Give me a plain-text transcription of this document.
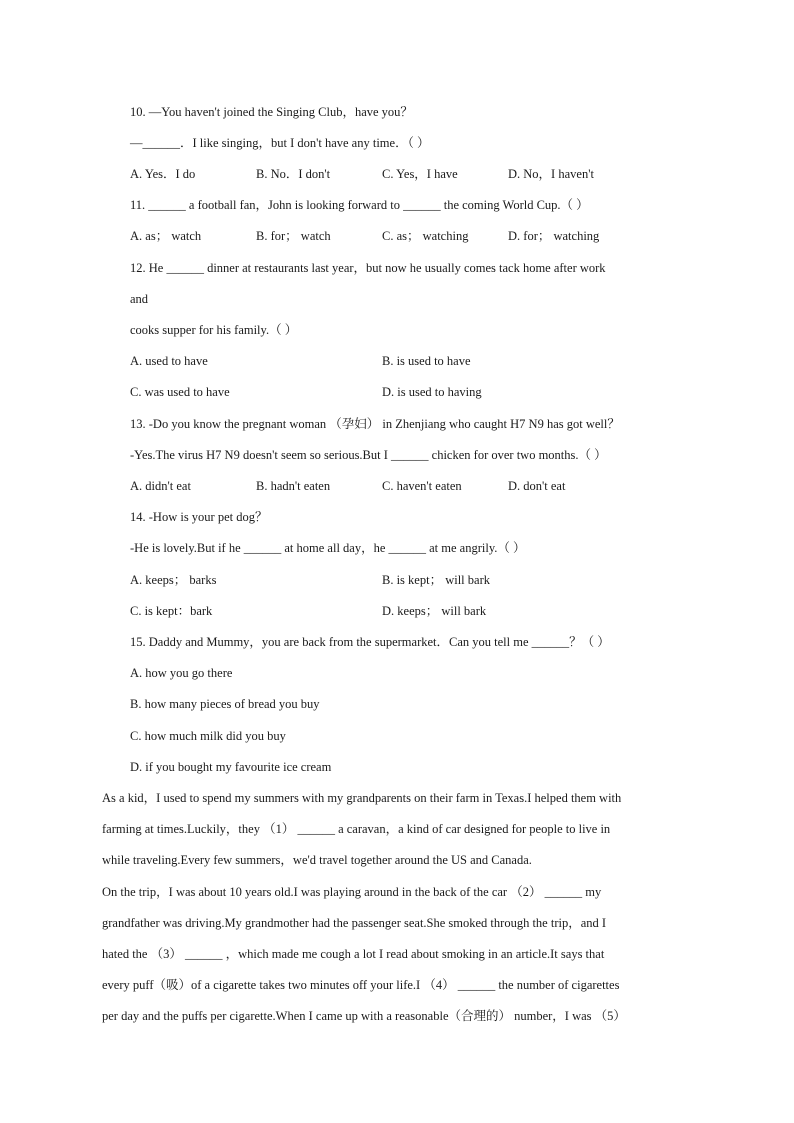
10. —You haven't joined the Singing Club，have you？
—______．I like singing，but I don't have any time．（ ）
A. Yes．I do	B. No．I don't	C. Yes，I have	D. No，I haven't
11. ______ a football fan，John is looking forward to ______ the coming World Cup.（ ）
A. as； watch	B. for； watch	C. as； watching	D. for； watching
12. He ______ dinner at restaurants last year，but now he usually comes tack home after work
and
cooks supper for his family.（ ）
A. used to have	B. is used to have
C. was used to have	D. is used to having
13. -Do you know the pregnant woman （孕妇） in Zhenjiang who caught H7 N9 has got well？
-Yes.The virus H7 N9 doesn't seem so serious.But I ______ chicken for over two months.（ ）
A. didn't eat	B. hadn't eaten	C. haven't eaten	D. don't eat
14. -How is your pet dog？
-He is lovely.But if he ______ at home all day，he ______ at me angrily.（ ）
A. keeps； barks	B. is kept； will bark
C. is kept：bark	D. keeps； will bark
15. Daddy and Mummy，you are back from the supermarket．Can you tell me ______？（ ）
A. how you go there
B. how many pieces of bread you buy
C. how much milk did you buy
D. if you bought my favourite ice cream
As a kid，I used to spend my summers with my grandparents on their farm in Texas.I helped them with
farming at times.Luckily，they （1） ______ a caravan，a kind of car designed for people to live in
while traveling.Every few summers，we'd travel together around the US and Canada.
On the trip，I was about 10 years old.I was playing around in the back of the car （2） ______ my
grandfather was driving.My grandmother had the passenger seat.She smoked through the trip，and I
hated the （3） ______ ，which made me cough a lot I read about smoking in an article.It says that
every puff（吸）of a cigarette takes two minutes off your life.I （4） ______ the number of cigarettes
per day and the puffs per cigarette.When I came up with a reasonable（合理的） number，I was （5）
